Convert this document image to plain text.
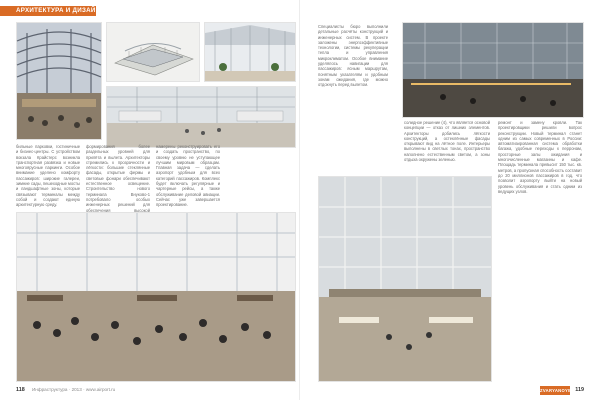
АРХИТЕКТУРА И ДИЗАЙН
бильные парковки, гостиничные и бизнес-центры. С устройством вокзала Крайстерс возникла транспортная развязка и новые многоярусные паркинги. Особое внимание уделено комфорту пассажиров: широкие галереи, зимние сады, пешеходные мосты и ландшафтные зоны, которые связывают терминалы между собой и создают единую архитектурную среду.
формирования более раздельных уровней для прилёта и вылета. Архитекторы стремились к прозрачности и лёгкости: большие стеклянные фасады, открытые фермы и световые фонари обеспечивают естественное освещение. Строительство нового терминала Внуково-1 потребовало особых инженерных решений для обеспечения высокой
намерены реконструировать его и создать пространство, по своему уровню не уступающее лучшим мировым образцам. Главная задача — сделать аэропорт удобным для всех категорий пассажиров. Комплекс будет включать регулярные и чартерные рейсы, а также обслуживание деловой авиации. Сейчас уже завершается проектирование.
118 Инфраструктура · 2013 · www.airport.ru
Специалисты бюро выполнили детальные расчёты конструкций и инженерных систем. В проекте заложены энергоэффективные технологии, системы рекуперации тепла и управления микроклиматом. Особое внимание уделялось навигации для пассажиров: ясным маршрутам, понятным указателям и удобным зонам ожидания, где можно отдохнуть перед вылетом.
солидное решение (4), что является основой концепции — отказ от лишних элементов. Архитекторы добились лёгкости конструкций, а остеклённые фасады открывают вид на лётное поле. Интерьеры выполнены в светлых тонах, пространство наполнено естественным светом, а зоны отдыха окружены зеленью.
ремонт и замену кровли. Так проектировщики решили вопрос реконструкции. Новый терминал станет одним из самых современных в России: автоматизированная система обработки багажа, удобные переходы к перронам, просторные залы ожидания и многочисленные магазины и кафе. Площадь терминала превысит 150 тыс. кв. метров, а пропускная способность составит до 20 миллионов пассажиров в год, что позволит аэропорту выйти на новый уровень обслуживания и стать одним из ведущих узлов.
119
ZVARYANOYE
